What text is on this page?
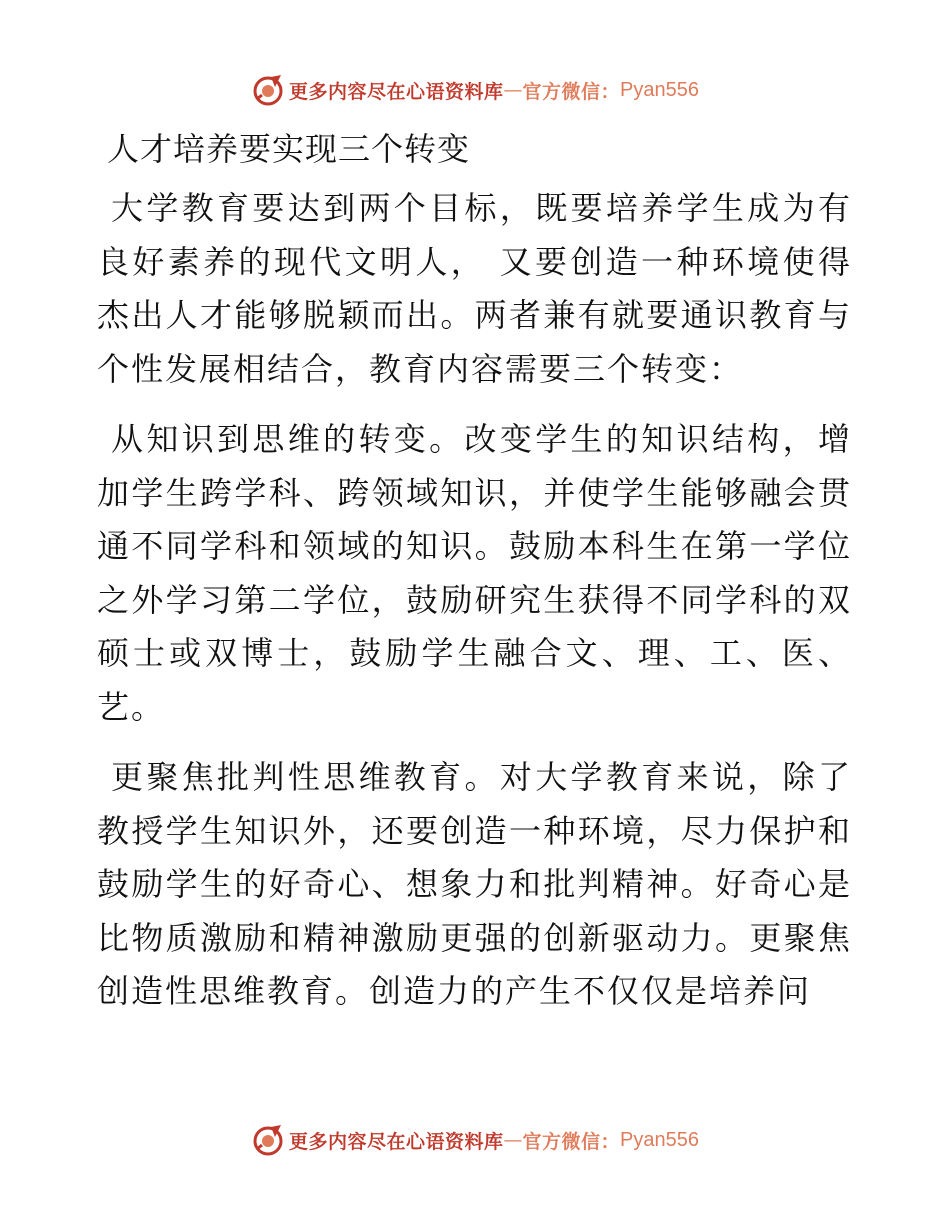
更多内容尽在心语资料库 — 官方微信： Pyan556
人才培养要实现三个转变

大学教育要达到两个目标，既要培养学生成为有良好素养的现代文明人， 又要创造一种环境使得杰出人才能够脱颖而出。两者兼有就要通识教育与个性发展相结合，教育内容需要三个转变：

从知识到思维的转变。改变学生的知识结构，增加学生跨学科、跨领域知识，并使学生能够融会贯通不同学科和领域的知识。鼓励本科生在第一学位之外学习第二学位，鼓励研究生获得不同学科的双硕士或双博士，鼓励学生融合文、理、工、医、艺。

更聚焦批判性思维教育。对大学教育来说，除了教授学生知识外，还要创造一种环境，尽力保护和鼓励学生的好奇心、想象力和批判精神。好奇心是比物质激励和精神激励更强的创新驱动力。更聚焦创造性思维教育。创造力的产生不仅仅是培养问

更多内容尽在心语资料库 — 官方微信： Pyan556
